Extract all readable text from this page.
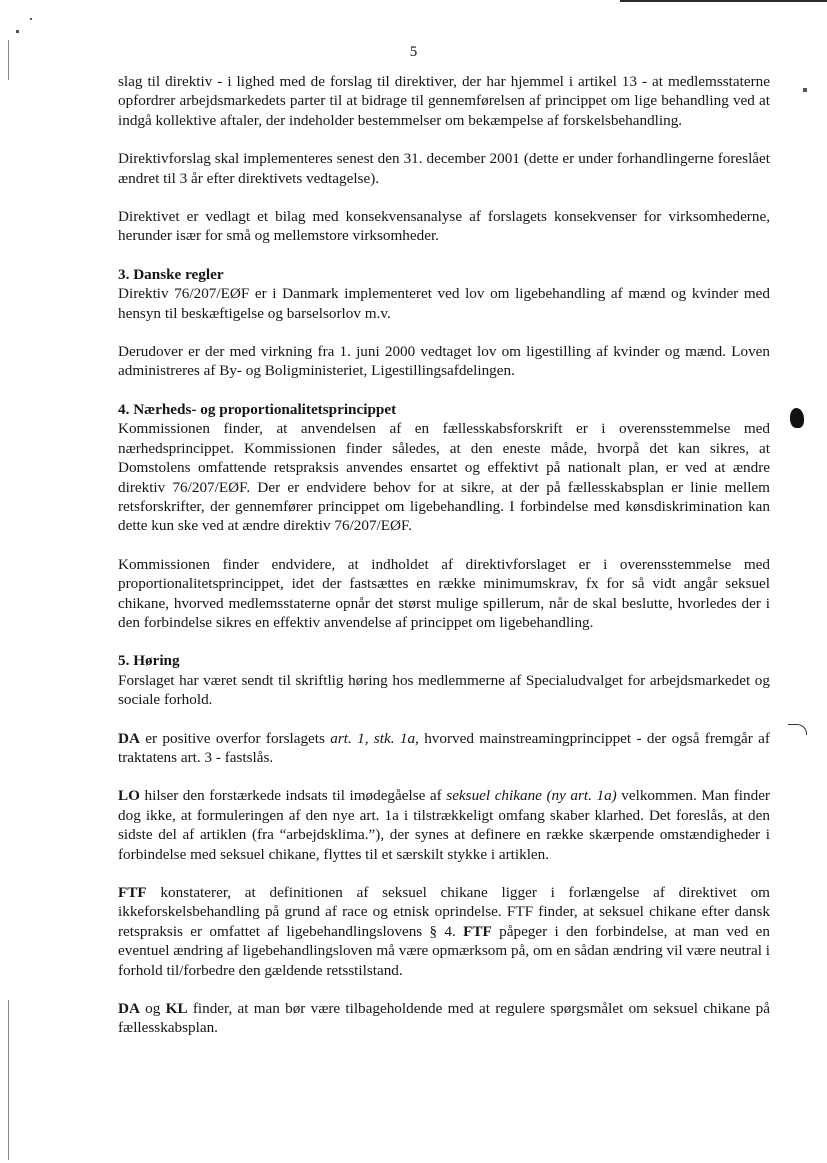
5

slag til direktiv - i lighed med de forslag til direktiver, der har hjemmel i artikel 13 - at medlemsstaterne opfordrer arbejdsmarkedets parter til at bidrage til gennemførelsen af princippet om lige behandling ved at indgå kollektive aftaler, der indeholder bestemmelser om bekæmpelse af forskelsbehandling.

Direktivforslag skal implementeres senest den 31. december 2001 (dette er under forhandlingerne foreslået ændret til 3 år efter direktivets vedtagelse).

Direktivet er vedlagt et bilag med konsekvensanalyse af forslagets konsekvenser for virksomhederne, herunder især for små og mellemstore virksomheder.

3. Danske regler
Direktiv 76/207/EØF er i Danmark implementeret ved lov om ligebehandling af mænd og kvinder med hensyn til beskæftigelse og barselsorlov m.v.

Derudover er der med virkning fra 1. juni 2000 vedtaget lov om ligestilling af kvinder og mænd. Loven administreres af By- og Boligministeriet, Ligestillingsafdelingen.

4. Nærheds- og proportionalitetsprincippet
Kommissionen finder, at anvendelsen af en fællesskabsforskrift er i overensstemmelse med nærhedsprincippet. Kommissionen finder således, at den eneste måde, hvorpå det kan sikres, at Domstolens omfattende retspraksis anvendes ensartet og effektivt på nationalt plan, er ved at ændre direktiv 76/207/EØF. Der er endvidere behov for at sikre, at der på fællesskabsplan er linie mellem retsforskrifter, der gennemfører princippet om ligebehandling. I forbindelse med kønsdiskrimination kan dette kun ske ved at ændre direktiv 76/207/EØF.

Kommissionen finder endvidere, at indholdet af direktivforslaget er i overensstemmelse med proportionalitetsprincippet, idet der fastsættes en række minimumskrav, fx for så vidt angår seksuel chikane, hvorved medlemsstaterne opnår det størst mulige spillerum, når de skal beslutte, hvorledes der i den forbindelse sikres en effektiv anvendelse af princippet om ligebehandling.

5. Høring
Forslaget har været sendt til skriftlig høring hos medlemmerne af Specialudvalget for arbejdsmarkedet og sociale forhold.

DA er positive overfor forslagets art. 1, stk. 1a, hvorved mainstreamingprincippet - der også fremgår af traktatens art. 3 - fastslås.

LO hilser den forstærkede indsats til imødegåelse af seksuel chikane (ny art. 1a) velkommen. Man finder dog ikke, at formuleringen af den nye art. 1a i tilstrækkeligt omfang skaber klarhed. Det foreslås, at den sidste del af artiklen (fra “arbejdsklima.”), der synes at definere en række skærpende omstændigheder i forbindelse med seksuel chikane, flyttes til et særskilt stykke i artiklen.

FTF konstaterer, at definitionen af seksuel chikane ligger i forlængelse af direktivet om ikkeforskelsbehandling på grund af race og etnisk oprindelse. FTF finder, at seksuel chikane efter dansk retspraksis er omfattet af ligebehandlingslovens § 4. FTF påpeger i den forbindelse, at man ved en eventuel ændring af ligebehandlingsloven må være opmærksom på, om en sådan ændring vil være neutral i forhold til/forbedre den gældende retsstilstand.

DA og KL finder, at man bør være tilbageholdende med at regulere spørgsmålet om seksuel chikane på fællesskabsplan.
